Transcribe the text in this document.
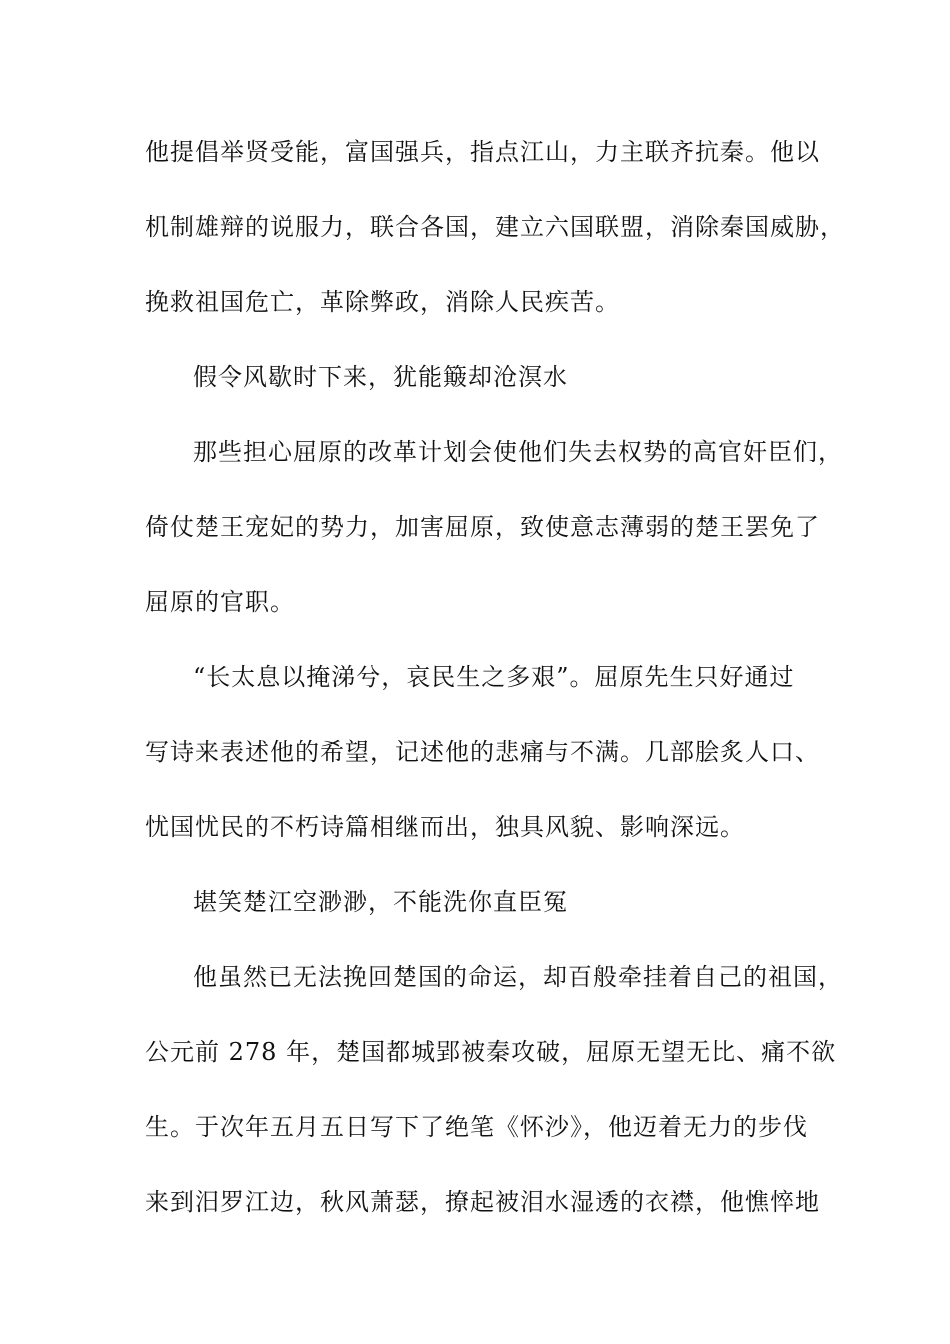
他提倡举贤受能，富国强兵，指点江山，力主联齐抗秦。他以
机制雄辩的说服力，联合各国，建立六国联盟，消除秦国威胁，
挽救祖国危亡，革除弊政，消除人民疾苦。
假令风歇时下来，犹能簸却沧溟水
那些担心屈原的改革计划会使他们失去权势的高官奸臣们，
倚仗楚王宠妃的势力，加害屈原，致使意志薄弱的楚王罢免了
屈原的官职。
“长太息以掩涕兮，哀民生之多艰”。屈原先生只好通过
写诗来表述他的希望，记述他的悲痛与不满。几部脍炙人口、
忧国忧民的不朽诗篇相继而出，独具风貌、影响深远。
堪笑楚江空渺渺，不能洗你直臣冤
他虽然已无法挽回楚国的命运，却百般牵挂着自己的祖国，
公元前 278 年，楚国都城郢被秦攻破，屈原无望无比、痛不欲
生。于次年五月五日写下了绝笔《怀沙》，他迈着无力的步伐
来到汨罗江边，秋风萧瑟，撩起被泪水湿透的衣襟，他憔悴地
